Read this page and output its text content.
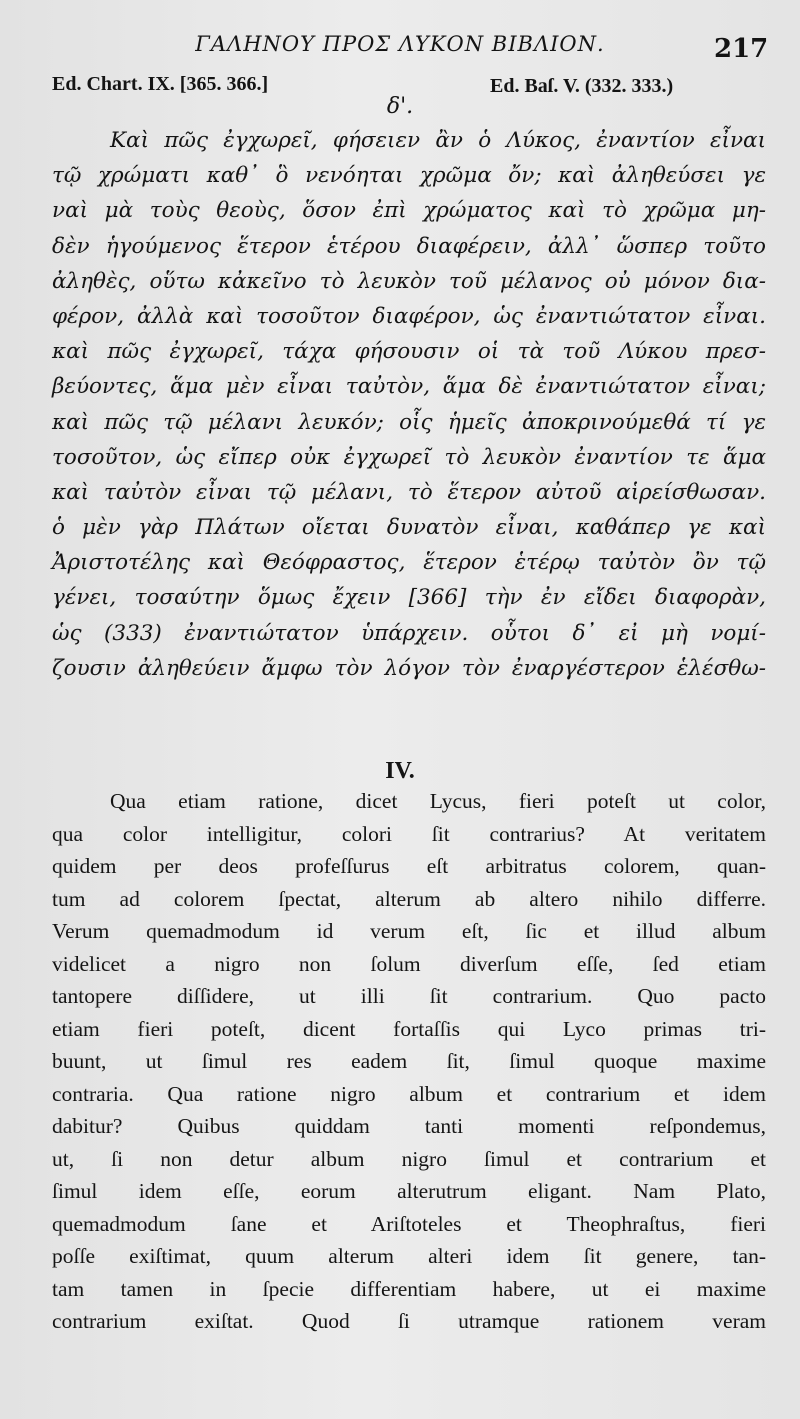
ΓΑΛΗΝΟΥ ΠΡΟΣ ΛΥΚΟΝ ΒΙΒΛΙΟΝ.	217
Ed. Chart. IX. [365. 366.]	Ed. Baſ. V. (332. 333.)
δ'.
Καὶ πῶς ἐγχωρεῖ, φήσειεν ἂν ὁ Λύκος, ἐναντίον εἶναι
τῷ χρώματι καθ᾿ ὃ νενόηται χρῶμα ὄν; καὶ ἀληθεύσει γε
ναὶ μὰ τοὺς θεοὺς, ὅσον ἐπὶ χρώματος καὶ τὸ χρῶμα μη-
δὲν ἡγούμενος ἕτερον ἑτέρου διαφέρειν, ἀλλ᾿ ὥσπερ τοῦτο
ἀληθὲς, οὕτω κἀκεῖνο τὸ λευκὸν τοῦ μέλανος οὐ μόνον δια-
φέρον, ἀλλὰ καὶ τοσοῦτον διαφέρον, ὡς ἐναντιώτατον εἶναι.
καὶ πῶς ἐγχωρεῖ, τάχα φήσουσιν οἱ τὰ τοῦ Λύκου πρεσ-
βεύοντες, ἅμα μὲν εἶναι ταὐτὸν, ἅμα δὲ ἐναντιώτατον εἶναι;
καὶ πῶς τῷ μέλανι λευκόν; οἷς ἡμεῖς ἀποκρινούμεθά τί γε
τοσοῦτον, ὡς εἴπερ οὐκ ἐγχωρεῖ τὸ λευκὸν ἐναντίον τε ἅμα
καὶ ταὐτὸν εἶναι τῷ μέλανι, τὸ ἕτερον αὐτοῦ αἱρείσθωσαν.
ὁ μὲν γὰρ Πλάτων οἴεται δυνατὸν εἶναι, καθάπερ γε καὶ
Ἀριστοτέλης καὶ Θεόφραστος, ἕτερον ἑτέρῳ ταὐτὸν ὂν τῷ
γένει, τοσαύτην ὅμως ἔχειν [366] τὴν ἐν εἴδει διαφορὰν,
ὡς (333) ἐναντιώτατον ὑπάρχειν. οὗτοι δ᾿ εἰ μὴ νομί-
ζουσιν ἀληθεύειν ἄμφω τὸν λόγον τὸν ἐναργέστερον ἑλέσθω-
IV.
Qua etiam ratione, dicet Lycus, fieri poteſt ut color,
qua color intelligitur, colori ſit contrarius? At veritatem
quidem per deos profeſſurus eſt arbitratus colorem, quan-
tum ad colorem ſpectat, alterum ab altero nihilo differre.
Verum quemadmodum id verum eſt, ſic et illud album
videlicet a nigro non ſolum diverſum eſſe, ſed etiam
tantopere diſſidere, ut illi ſit contrarium. Quo pacto
etiam fieri poteſt, dicent fortaſſis qui Lyco primas tri-
buunt, ut ſimul res eadem ſit, ſimul quoque maxime
contraria. Qua ratione nigro album et contrarium et idem
dabitur? Quibus quiddam tanti momenti reſpondemus,
ut, ſi non detur album nigro ſimul et contrarium et
ſimul idem eſſe, eorum alterutrum eligant. Nam Plato,
quemadmodum ſane et Ariſtoteles et Theophraſtus, fieri
poſſe exiſtimat, quum alterum alteri idem ſit genere, tan-
tam tamen in ſpecie differentiam habere, ut ei maxime
contrarium exiſtat. Quod ſi utramque rationem veram
